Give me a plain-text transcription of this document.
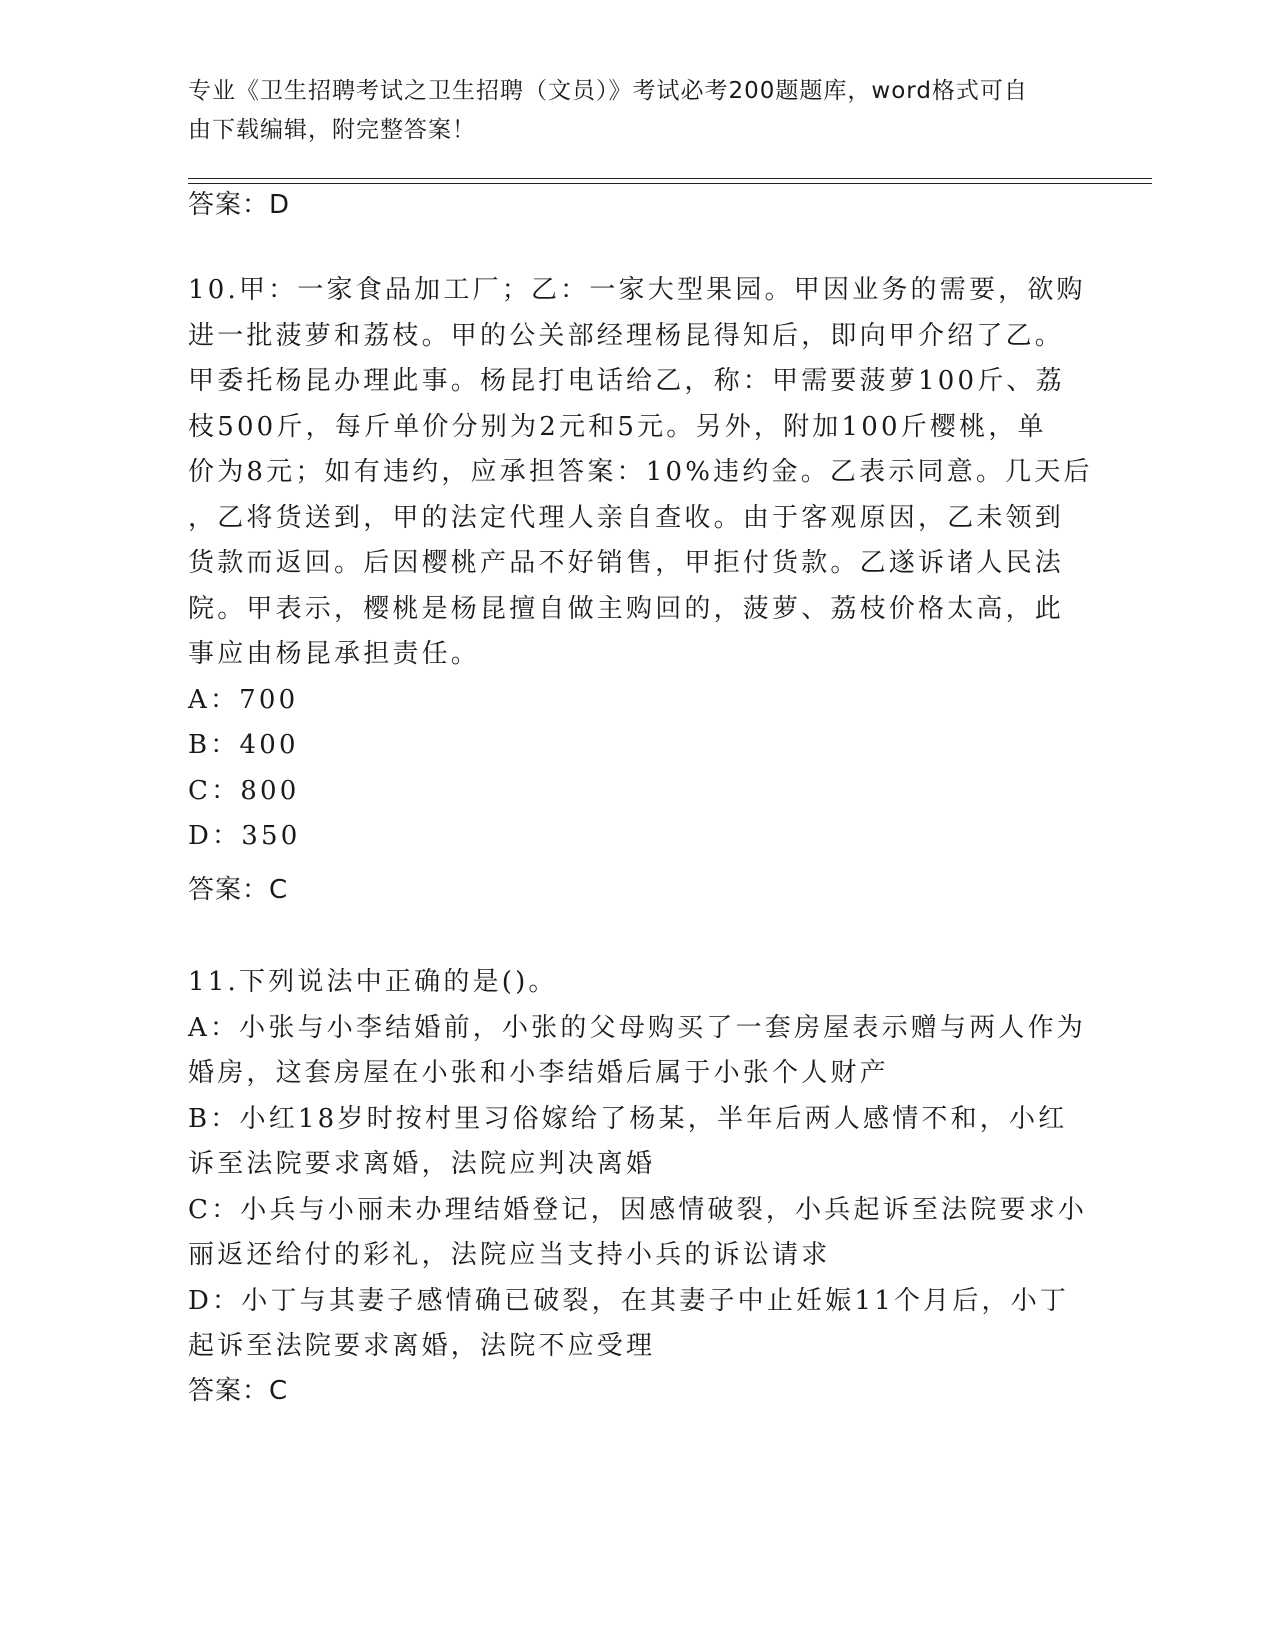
专业《卫生招聘考试之卫生招聘（文员）》考试必考200题题库，word格式可自
由下载编辑，附完整答案！
答案：D
10.甲：一家食品加工厂；乙：一家大型果园。甲因业务的需要，欲购
进一批菠萝和荔枝。甲的公关部经理杨昆得知后，即向甲介绍了乙。
甲委托杨昆办理此事。杨昆打电话给乙，称：甲需要菠萝100斤、荔
枝500斤，每斤单价分别为2元和5元。另外，附加100斤樱桃，单
价为8元；如有违约，应承担答案：10%违约金。乙表示同意。几天后
，乙将货送到，甲的法定代理人亲自查收。由于客观原因，乙未领到
货款而返回。后因樱桃产品不好销售，甲拒付货款。乙遂诉诸人民法
院。甲表示，樱桃是杨昆擅自做主购回的，菠萝、荔枝价格太高，此
事应由杨昆承担责任。
A：700
B：400
C：800
D：350
答案：C
11.下列说法中正确的是()。
A：小张与小李结婚前，小张的父母购买了一套房屋表示赠与两人作为
婚房，这套房屋在小张和小李结婚后属于小张个人财产
B：小红18岁时按村里习俗嫁给了杨某，半年后两人感情不和，小红
诉至法院要求离婚，法院应判决离婚
C：小兵与小丽未办理结婚登记，因感情破裂，小兵起诉至法院要求小
丽返还给付的彩礼，法院应当支持小兵的诉讼请求
D：小丁与其妻子感情确已破裂，在其妻子中止妊娠11个月后，小丁
起诉至法院要求离婚，法院不应受理
答案：C
